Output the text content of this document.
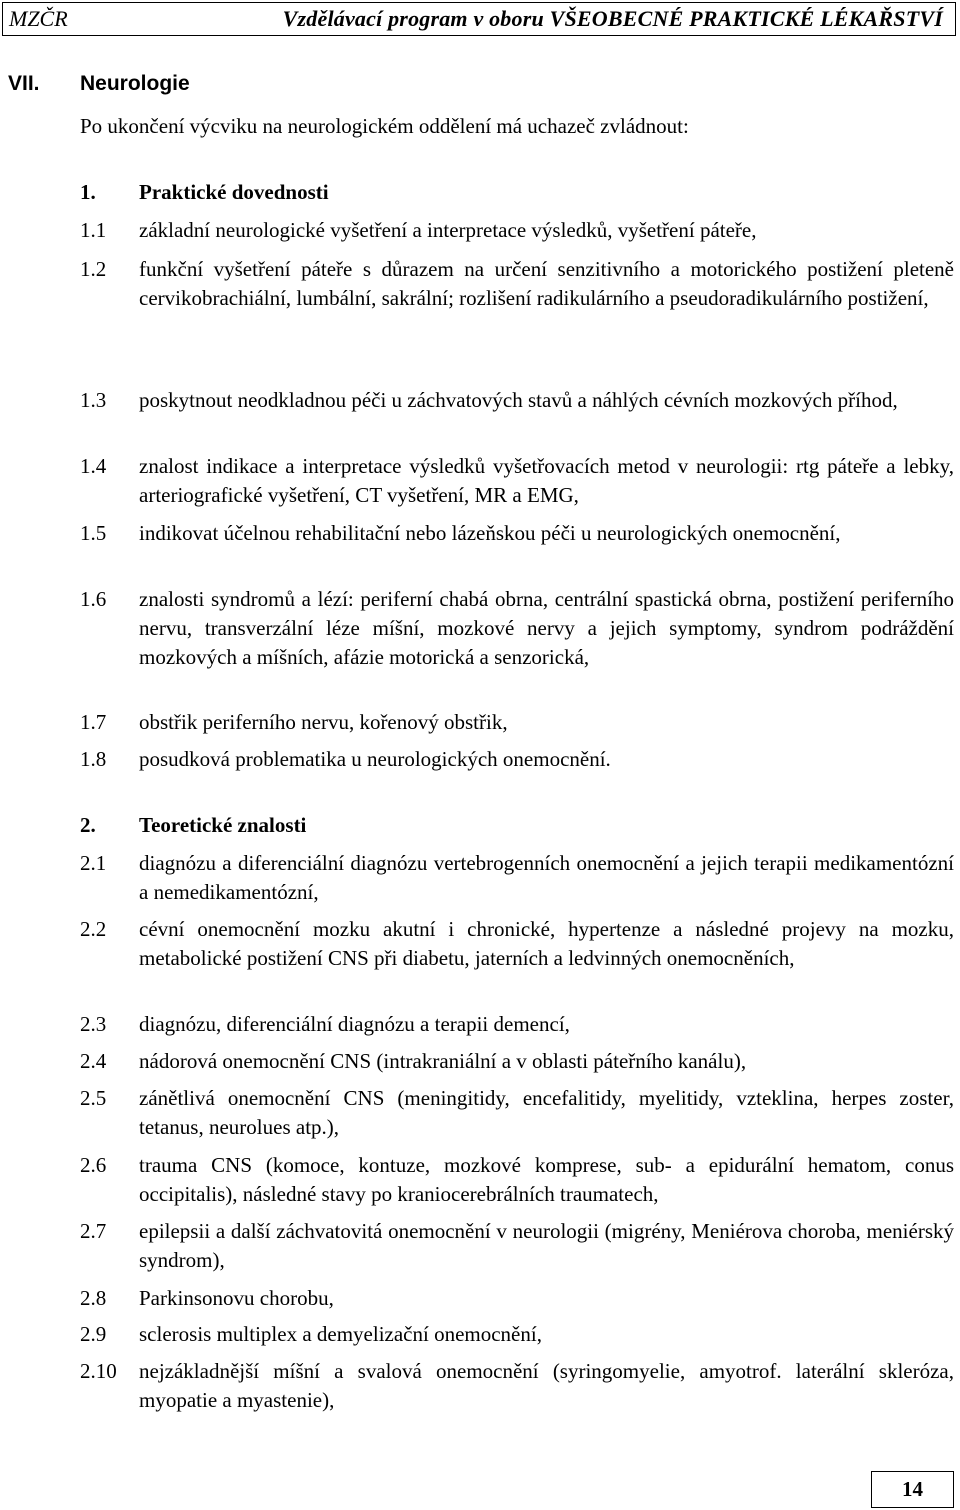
MZČR	Vzdělávací program v oboru VŠEOBECNÉ PRAKTICKÉ LÉKAŘSTVÍ
VII.	Neurologie
Po ukončení výcviku na neurologickém oddělení má uchazeč zvládnout:
1.	Praktické dovednosti
1.1	základní neurologické vyšetření a interpretace výsledků, vyšetření páteře,
1.2	funkční vyšetření páteře s důrazem na určení senzitivního a motorického postižení pleteně cervikobrachiální, lumbální, sakrální; rozlišení radikulárního a pseudoradikulárního postižení,
1.3	poskytnout neodkladnou péči u záchvatových stavů a náhlých cévních mozkových příhod,
1.4	znalost indikace a interpretace výsledků vyšetřovacích metod v neurologii: rtg páteře a lebky, arteriografické vyšetření, CT vyšetření, MR a EMG,
1.5	indikovat účelnou rehabilitační nebo lázeňskou péči u neurologických onemocnění,
1.6	znalosti syndromů a lézí: periferní chabá obrna, centrální spastická obrna, postižení periferního nervu, transverzální léze míšní, mozkové nervy a jejich symptomy, syndrom podráždění mozkových a míšních, afázie motorická a senzorická,
1.7	obstřik periferního nervu, kořenový obstřik,
1.8	posudková problematika u neurologických onemocnění.
2.	Teoretické znalosti
2.1	diagnózu a diferenciální diagnózu vertebrogenních onemocnění a jejich terapii medikamentózní a nemedikamentózní,
2.2	cévní onemocnění mozku akutní i chronické, hypertenze a následné projevy na mozku, metabolické postižení CNS při diabetu, jaterních a ledvinných onemocněních,
2.3	diagnózu, diferenciální diagnózu a terapii demencí,
2.4	nádorová onemocnění CNS (intrakraniální a v oblasti páteřního kanálu),
2.5	zánětlivá onemocnění CNS (meningitidy, encefalitidy, myelitidy, vzteklina, herpes zoster, tetanus, neurolues atp.),
2.6	trauma CNS (komoce, kontuze, mozkové komprese, sub- a epidurální hematom, conus occipitalis), následné stavy po kraniocerebrálních traumatech,
2.7	epilepsii a další záchvatovitá onemocnění v neurologii (migrény, Meniérova choroba, meniérský syndrom),
2.8	Parkinsonovu chorobu,
2.9	sclerosis multiplex a demyelizační onemocnění,
2.10	nejzákladnější míšní a svalová onemocnění (syringomyelie, amyotrof. laterální skleróza, myopatie a myastenie),
14
